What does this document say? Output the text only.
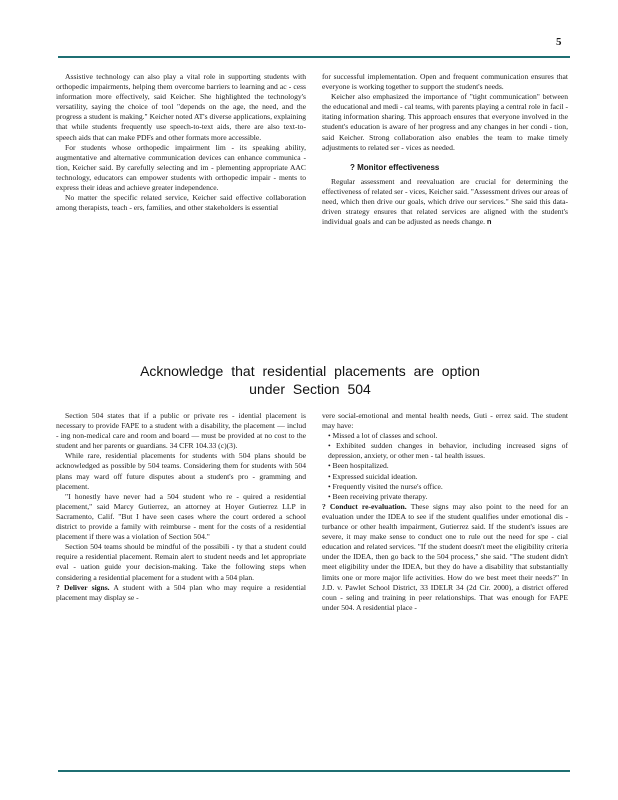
5

Assistive technology can also play a vital role in supporting students with orthopedic impairments, helping them overcome barriers to learning and ac - cess information more effectively, said Keicher. She highlighted the technology's versatility, saying the choice of tool "depends on the age, the need, and the progress a student is making." Keicher noted AT's diverse applications, explaining that while students frequently use speech-to-text aids, there are also text-to-speech aids that can make PDFs and other formats more accessible.

For students whose orthopedic impairment lim - its speaking ability, augmentative and alternative communication devices can enhance communica - tion, Keicher said. By carefully selecting and im - plementing appropriate AAC technology, educators can empower students with orthopedic impair - ments to express their ideas and achieve greater independence.

No matter the specific related service, Keicher said effective collaboration among therapists, teach - ers, families, and other stakeholders is essential

for successful implementation. Open and frequent communication ensures that everyone is working together to support the student's needs.

Keicher also emphasized the importance of "tight communication" between the educational and medi - cal teams, with parents playing a central role in facil - itating information sharing. This approach ensures that everyone involved in the student's education is aware of her progress and any changes in her condi - tion, said Keicher. Strong collaboration also enables the team to make timely adjustments to related ser - vices as needed.

? Monitor effectiveness

Regular assessment and reevaluation are crucial for determining the effectiveness of related ser - vices, Keicher said. "Assessment drives our areas of need, which then drive our goals, which drive our services." She said this data-driven strategy ensures that related services are aligned with the student's individual goals and can be adjusted as needs change. n

Acknowledge that residential placements are option
under Section 504

Section 504 states that if a public or private res - idential placement is necessary to provide FAPE to a student with a disability, the placement — includ - ing non-medical care and room and board — must be provided at no cost to the student and her parents or guardians. 34 CFR 104.33 (c)(3).

While rare, residential placements for students with 504 plans should be acknowledged as possible by 504 teams. Considering them for students with 504 plans may ward off future disputes about a student's pro - gramming and placement.

"I honestly have never had a 504 student who re - quired a residential placement," said Marcy Gutierrez, an attorney at Hoyer Gutierrez LLP in Sacramento, Calif. "But I have seen cases where the court ordered a school district to provide a family with reimburse - ment for the costs of a residential placement if there was a violation of Section 504."

Section 504 teams should be mindful of the possibili - ty that a student could require a residential placement. Remain alert to student needs and let appropriate eval - uation guide your decision-making. Take the following steps when considering a residential placement for a student with a 504 plan.

? Deliver signs. A student with a 504 plan who may require a residential placement may display se -

vere social-emotional and mental health needs, Guti - errez said. The student may have:

• Missed a lot of classes and school.

• Exhibited sudden changes in behavior, including increased signs of depression, anxiety, or other men - tal health issues.

• Been hospitalized.

• Expressed suicidal ideation.

• Frequently visited the nurse's office.

• Been receiving private therapy.

? Conduct re-evaluation. These signs may also point to the need for an evaluation under the IDEA to see if the student qualifies under emotional dis - turbance or other health impairment, Gutierrez said. If the student's issues are severe, it may make sense to conduct one to rule out the need for spe - cial education and related services. "If the student doesn't meet the eligibility criteria under the IDEA, then go back to the 504 process," she said. "The student didn't meet eligibility under the IDEA, but they do have a disability that substantially limits one or more major life activities. How do we best meet their needs?" In J.D. v. Pawlet School District, 33 IDELR 34 (2d Cir. 2000), a district offered coun - seling and training in peer relationships. That was enough for FAPE under 504. A residential place -
